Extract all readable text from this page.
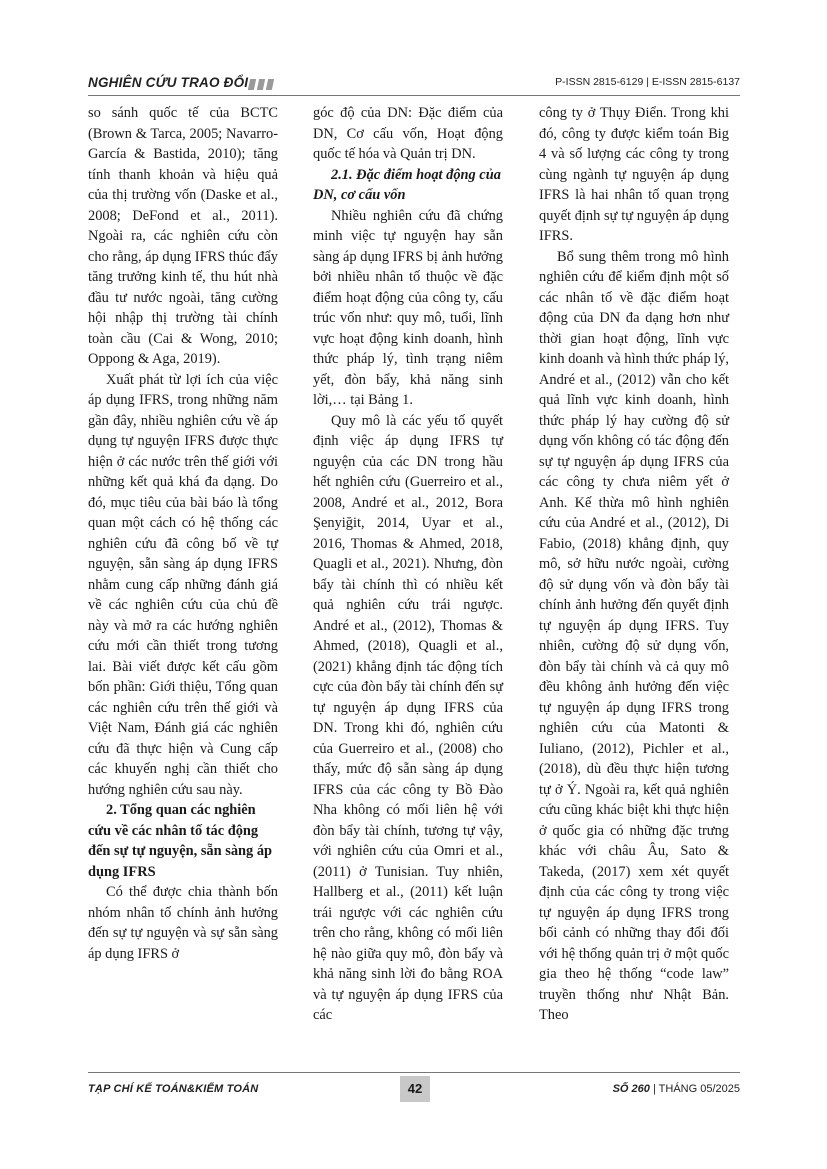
NGHIÊN CỨU TRAO ĐỔI	P-ISSN 2815-6129 | E-ISSN 2815-6137

so sánh quốc tế của BCTC (Brown & Tarca, 2005; Navarro-García & Bastida, 2010); tăng tính thanh khoản và hiệu quả của thị trường vốn (Daske et al., 2008; DeFond et al., 2011). Ngoài ra, các nghiên cứu còn cho rằng, áp dụng IFRS thúc đẩy tăng trưởng kinh tế, thu hút nhà đầu tư nước ngoài, tăng cường hội nhập thị trường tài chính toàn cầu (Cai & Wong, 2010; Oppong & Aga, 2019).

Xuất phát từ lợi ích của việc áp dụng IFRS, trong những năm gần đây, nhiều nghiên cứu về áp dụng tự nguyện IFRS được thực hiện ở các nước trên thế giới với những kết quả khá đa dạng. Do đó, mục tiêu của bài báo là tổng quan một cách có hệ thống các nghiên cứu đã công bố về tự nguyện, sẵn sàng áp dụng IFRS nhằm cung cấp những đánh giá về các nghiên cứu của chủ đề này và mở ra các hướng nghiên cứu mới cần thiết trong tương lai. Bài viết được kết cấu gồm bốn phần: Giới thiệu, Tổng quan các nghiên cứu trên thế giới và Việt Nam, Đánh giá các nghiên cứu đã thực hiện và Cung cấp các khuyến nghị cần thiết cho hướng nghiên cứu sau này.

2. Tổng quan các nghiên cứu về các nhân tố tác động đến sự tự nguyện, sẵn sàng áp dụng IFRS

Có thể được chia thành bốn nhóm nhân tố chính ảnh hưởng đến sự tự nguyện và sự sẵn sàng áp dụng IFRS ở

góc độ của DN: Đặc điểm của DN, Cơ cấu vốn, Hoạt động quốc tế hóa và Quản trị DN.

2.1. Đặc điểm hoạt động của DN, cơ cấu vốn

Nhiều nghiên cứu đã chứng minh việc tự nguyện hay sẵn sàng áp dụng IFRS bị ảnh hưởng bởi nhiều nhân tố thuộc về đặc điểm hoạt động của công ty, cấu trúc vốn như: quy mô, tuổi, lĩnh vực hoạt động kinh doanh, hình thức pháp lý, tình trạng niêm yết, đòn bẩy, khả năng sinh lời,… tại Bảng 1.

Quy mô là các yếu tố quyết định việc áp dụng IFRS tự nguyện của các DN trong hầu hết nghiên cứu (Guerreiro et al., 2008, André et al., 2012, Bora Şenyiğit, 2014, Uyar et al., 2016, Thomas & Ahmed, 2018, Quagli et al., 2021). Nhưng, đòn bẩy tài chính thì có nhiều kết quả nghiên cứu trái ngược. André et al., (2012), Thomas & Ahmed, (2018), Quagli et al., (2021) khẳng định tác động tích cực của đòn bẩy tài chính đến sự tự nguyện áp dụng IFRS của DN. Trong khi đó, nghiên cứu của Guerreiro et al., (2008) cho thấy, mức độ sẵn sàng áp dụng IFRS của các công ty Bồ Đào Nha không có mối liên hệ với đòn bẩy tài chính, tương tự vậy, với nghiên cứu của Omri et al., (2011) ở Tunisian. Tuy nhiên, Hallberg et al., (2011) kết luận trái ngược với các nghiên cứu trên cho rằng, không có mối liên hệ nào giữa quy mô, đòn bẩy và khả năng sinh lời đo bằng ROA và tự nguyện áp dụng IFRS của các

công ty ở Thụy Điển. Trong khi đó, công ty được kiểm toán Big 4 và số lượng các công ty trong cùng ngành tự nguyện áp dụng IFRS là hai nhân tố quan trọng quyết định sự tự nguyện áp dụng IFRS.

Bổ sung thêm trong mô hình nghiên cứu để kiểm định một số các nhân tố về đặc điểm hoạt động của DN đa dạng hơn như thời gian hoạt động, lĩnh vực kinh doanh và hình thức pháp lý, André et al., (2012) vẫn cho kết quả lĩnh vực kinh doanh, hình thức pháp lý hay cường độ sử dụng vốn không có tác động đến sự tự nguyện áp dụng IFRS của các công ty chưa niêm yết ở Anh. Kế thừa mô hình nghiên cứu của André et al., (2012), Di Fabio, (2018) khẳng định, quy mô, sở hữu nước ngoài, cường độ sử dụng vốn và đòn bẩy tài chính ảnh hưởng đến quyết định tự nguyện áp dụng IFRS. Tuy nhiên, cường độ sử dụng vốn, đòn bẩy tài chính và cả quy mô đều không ảnh hưởng đến việc tự nguyện áp dụng IFRS trong nghiên cứu của Matonti & Iuliano, (2012), Pichler et al., (2018), dù đều thực hiện tương tự ở Ý. Ngoài ra, kết quả nghiên cứu cũng khác biệt khi thực hiện ở quốc gia có những đặc trưng khác với châu Âu, Sato & Takeda, (2017) xem xét quyết định của các công ty trong việc tự nguyện áp dụng IFRS trong bối cảnh có những thay đổi đối với hệ thống quản trị ở một quốc gia theo hệ thống “code law” truyền thống như Nhật Bản. Theo

TẠP CHÍ KẾ TOÁN&KIỂM TOÁN	42	SỐ 260 | THÁNG 05/2025
